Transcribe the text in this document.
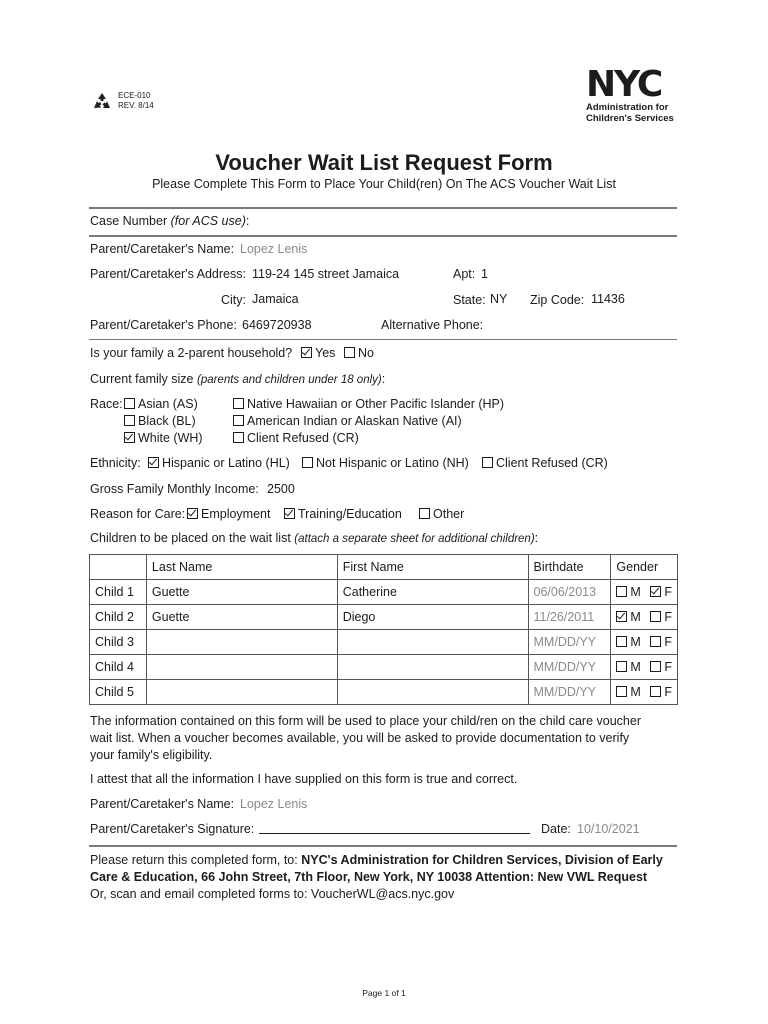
ECE-010
REV. 8/14
NYC
Administration for
Children's Services
Voucher Wait List Request Form
Please Complete This Form to Place Your Child(ren) On The ACS Voucher Wait List
Case Number (for ACS use):
Parent/Caretaker's Name: Lopez Lenis
Parent/Caretaker's Address: 119-24 145 street Jamaica	Apt: 1
City: Jamaica	State: NY Zip Code: 11436
Parent/Caretaker's Phone: 6469720938	Alternative Phone:
Is your family a 2-parent household?	Yes	No
Current family size (parents and children under 18 only):
Race:	Asian (AS)
Black (BL)
White (WH)
Native Hawaiian or Other Pacific Islander (HP)
American Indian or Alaskan Native (AI)
Client Refused (CR)
Ethnicity:	Hispanic or Latino (HL)	Not Hispanic or Latino (NH)	Client Refused (CR)
Gross Family Monthly Income: 2500
Reason for Care:	Employment	Training/Education	Other
Children to be placed on the wait list (attach a separate sheet for additional children):
	Last Name	First Name	Birthdate	Gender
Child 1	Guette	Catherine	06/06/2013	M F
Child 2	Guette	Diego	11/26/2011	M F
Child 3			MM/DD/YY	M F
Child 4			MM/DD/YY	M F
Child 5			MM/DD/YY	M F
The information contained on this form will be used to place your child/ren on the child care voucher
wait list. When a voucher becomes available, you will be asked to provide documentation to verify
your family's eligibility.
I attest that all the information I have supplied on this form is true and correct.
Parent/Caretaker's Name: Lopez Lenis
Parent/Caretaker's Signature:	Date: 10/10/2021
Please return this completed form, to: NYC's Administration for Children Services, Division of Early
Care & Education, 66 John Street, 7th Floor, New York, NY 10038 Attention: New VWL Request
Or, scan and email completed forms to: VoucherWL@acs.nyc.gov
Page 1 of 1
